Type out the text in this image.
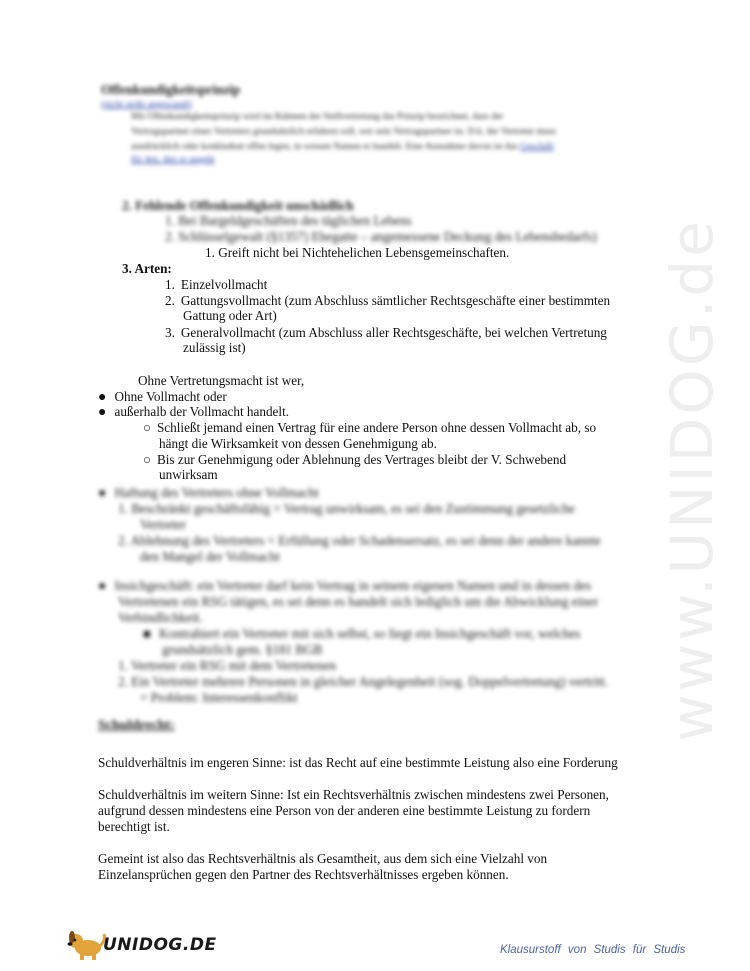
www.UNIDOG.de
Offenkundigkeitsprinzip
(nicht strikt angewandt)
Mit Offenkundigkeitsprinzip wird im Rahmen der Stellvertretung das Prinzip bezeichnet, dass der
Vertragspartner eines Vertreters grundsätzlich erfahren soll, wer sein Vertragspartner ist. D.h. der Vertreter muss
ausdrücklich oder konkludent offen legen, in wessen Namen er handelt. Eine Ausnahme davon ist das Geschäft
für den, den es angeht
2. Fehlende Offenkundigkeit unschädlich
1. Bei Bargeldgeschäften des täglichen Lebens
2. Schlüsselgewalt (§1357) Ehegatte – angemessene Deckung des Lebensbedarfs)
1. Greift nicht bei Nichtehelichen Lebensgemeinschaften.
3. Arten:
1. Einzelvollmacht
2. Gattungsvollmacht (zum Abschluss sämtlicher Rechtsgeschäfte einer bestimmten
Gattung oder Art)
3. Generalvollmacht (zum Abschluss aller Rechtsgeschäfte, bei welchen Vertretung
zulässig ist)
Ohne Vertretungsmacht ist wer,
● Ohne Vollmacht oder
● außerhalb der Vollmacht handelt.
○ Schließt jemand einen Vertrag für eine andere Person ohne dessen Vollmacht ab, so
hängt die Wirksamkeit von dessen Genehmigung ab.
○ Bis zur Genehmigung oder Ablehnung des Vertrages bleibt der V. Schwebend
unwirksam
● Haftung des Vertreters ohne Vollmacht
1. Beschränkt geschäftsfähig = Vertrag unwirksam, es sei den Zustimmung gesetzliche
Vertreter
2. Ablehnung des Vertreters = Erfüllung oder Schadensersatz, es sei denn der andere kannte
den Mangel der Vollmacht
● Insichgeschäft: ein Vertreter darf kein Vertrag in seinem eigenen Namen und in dessen des
Vertretenen ein RSG tätigen, es sei denn es handelt sich lediglich um die Abwicklung einer
Verbindlichkeit.
■ Kontrahiert ein Vertreter mit sich selbst, so liegt ein Insichgeschäft vor, welches
grundsätzlich gem. §181 BGB
1. Vertreter ein RSG mit dem Vertretenen
2. Ein Vertreter mehrere Personen in gleicher Angelegenheit (sog. Doppelvertretung) vertritt.
= Problem: Interessenkonflikt
Schuldrecht:
Schuldverhältnis im engeren Sinne: ist das Recht auf eine bestimmte Leistung also eine Forderung
Schuldverhältnis im weitern Sinne: Ist ein Rechtsverhältnis zwischen mindestens zwei Personen,
aufgrund dessen mindestens eine Person von der anderen eine bestimmte Leistung zu fordern
berechtigt ist.
Gemeint ist also das Rechtsverhältnis als Gesamtheit, aus dem sich eine Vielzahl von
Einzelansprüchen gegen den Partner des Rechtsverhältnisses ergeben können.
UNIDOG.DE	Klausurstoff von Studis für Studis
